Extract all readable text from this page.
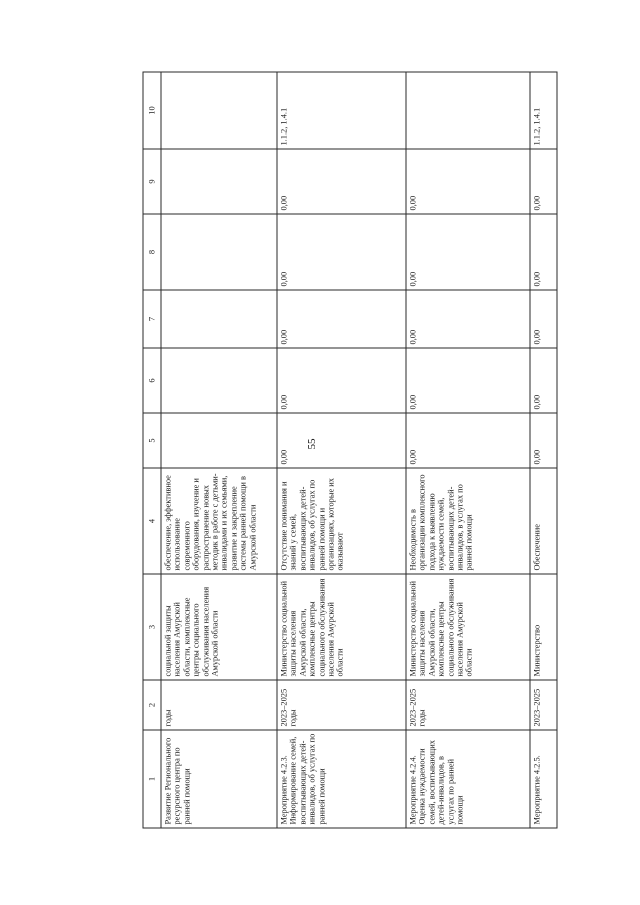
55
1	2	3	4	5	6	7	8	9	10
Развитие Регионального ресурсного центра по ранней помощи	годы	социальной защиты населения Амурской области, комплексные центры социального обслуживания населения Амурской области	обеспечение, эффективное использование современного оборудования, изучение и распространение новых методик в работе с детьми-инвалидами и их семьями, развитие и закрепление системы ранней помощи в Амурской области						
Мероприятие 4.2.3. Информирование семей, воспитывающих детей-инвалидов, об услугах по ранней помощи	2023–2025 годы	Министерство социальной защиты населения Амурской области, комплексные центры социального обслуживания населения Амурской области	Отсутствие понимания и знаний у семей, воспитывающих детей-инвалидов, об услугах по ранней помощи и организациях, которые их оказывают	0,00	0,00	0,00	0,00	0,00	1.1.2, 1.4.1
Мероприятие 4.2.4. Оценка нуждаемости семей, воспитывающих детей-инвалидов, в услугах по ранней помощи	2023–2025 годы	Министерство социальной защиты населения Амурской области, комплексные центры социального обслуживания населения Амурской области	Необходимость в организации комплексного подхода к выявлению нуждаемости семей, воспитывающих детей-инвалидов, в услугах по ранней помощи	0,00	0,00	0,00	0,00	0,00	
Мероприятие 4.2.5.	2023–2025	Министерство	Обеспечение	0,00	0,00	0,00	0,00	0,00	1.1.2, 1.4.1
